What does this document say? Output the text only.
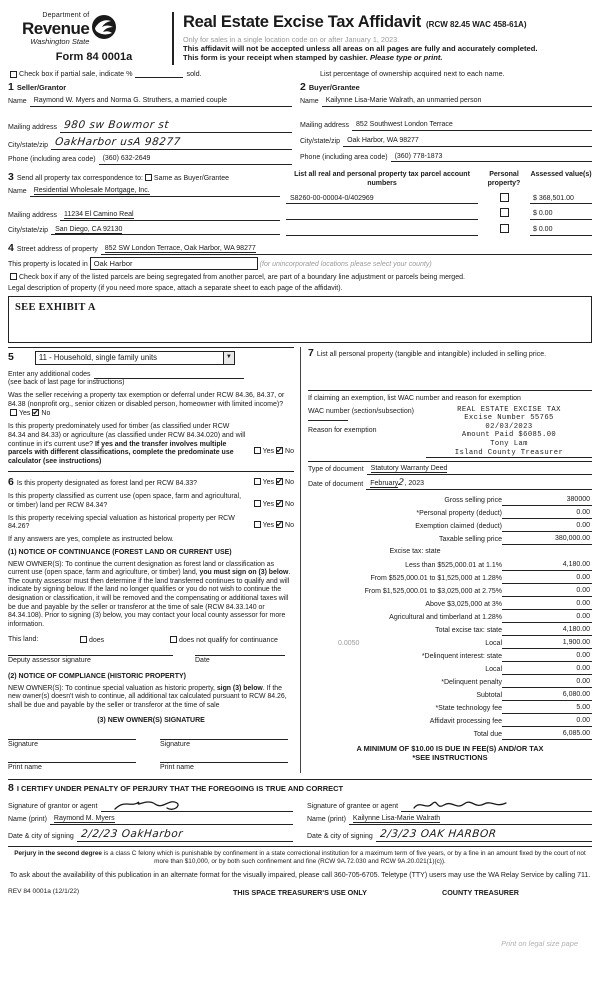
Department of
Revenue
Washington State
Form 84 0001a
Real Estate Excise Tax Affidavit (RCW 82.45 WAC 458-61A)
Only for sales in a single location code on or after January 1, 2023.
This affidavit will not be accepted unless all areas on all pages are fully and accurately completed.
This form is your receipt when stamped by cashier. Please type or print.
Check box if partial sale, indicate %	sold.	List percentage of ownership acquired next to each name.
1 Seller/Grantor
Name	Raymond W. Myers and Norma G. Struthers, a married couple
Mailing address 980 sw Bowmor st
City/state/zip OakHarbor usA 98277
Phone (including area code)	(360) 632-2649
2 Buyer/Grantee
Name	Kailynne Lisa-Marie Walrath, an unmarried person
Mailing address	852 Southwest London Terrace
City/state/zip	Oak Harbor, WA 98277
Phone (including area code)	(360) 778-1873
3 Send all property tax correspondence to: Same as Buyer/Grantee
Name	Residential Wholesale Mortgage, Inc.
Mailing address	11234 El Camino Real
City/state/zip	San Diego, CA 92130
List all real and personal property tax parcel account numbers
Personal property?
Assessed value(s)
S8260-00-00004-0/402969	$ 368,501.00

$ 0.00

$ 0.00
4 Street address of property	852 SW London Terrace, Oak Harbor, WA 98277
This property is located in Oak Harbor	(for unincorporated locations please select your county)
Check box if any of the listed parcels are being segregated from another parcel, are part of a boundary line adjustment or parcels being merged.
Legal description of property (if you need more space, attach a separate sheet to each page of the affidavit).
SEE EXHIBIT A
5	11 - Household, single family units	▼
Enter any additional codes
(see back of last page for instructions)
Was the seller receiving a property tax exemption or deferral under RCW 84.36, 84.37, or 84.38 (nonprofit org., senior citizen or disabled person, homeowner with limited income)? Yes ✔ No
Is this property predominately used for timber (as classified under RCW 84.34 and 84.33) or agriculture (as classified under RCW 84.34.020) and will continue in it's current use? If yes and the transfer involves multiple parcels with different classifications, complete the predominate use calculator (see instructions)
Yes ✔ No
6 Is this property designated as forest land per RCW 84.33?	Yes ✔ No
Is this property classified as current use (open space, farm and agricultural, or timber) land per RCW 84.34?	Yes ✔ No
Is this property receiving special valuation as historical property per RCW 84.26?	Yes ✔ No
If any answers are yes, complete as instructed below.
(1) NOTICE OF CONTINUANCE (FOREST LAND OR CURRENT USE)
NEW OWNER(S): To continue the current designation as forest land or classification as current use (open space, farm and agriculture, or timber) land, you must sign on (3) below. The county assessor must then determine if the land transferred continues to qualify and will indicate by signing below. If the land no longer qualifies or you do not wish to continue the designation or classification, it will be removed and the compensating or additional taxes will be due and payable by the seller or transferor at the time of sale (RCW 84.33.140 or 84.34.108). Prior to signing (3) below, you may contact your local county assessor for more information.
This land:	does	does not qualify for continuance
Deputy assessor signature	Date
(2) NOTICE OF COMPLIANCE (HISTORIC PROPERTY)
NEW OWNER(S): To continue special valuation as historic property, sign (3) below. If the new owner(s) doesn't wish to continue, all additional tax calculated pursuant to RCW 84.26, shall be due and payable by the seller or transferor at the time of sale
(3) NEW OWNER(S) SIGNATURE
Signature	Signature
Print name	Print name
7 List all personal property (tangible and intangible) included in selling price.
If claiming an exemption, list WAC number and reason for exemption
WAC number (section/subsection)
Reason for exemption
REAL ESTATE EXCISE TAX
Excise Number 55765
02/03/2023
Amount Paid $6085.00
Tony Lam
Island County Treasurer
Type of document	Statutory Warranty Deed
Date of document	February2, 2023
Gross selling price	380000
*Personal property (deduct)	0.00
Exemption claimed (deduct)	0.00
Taxable selling price	380,000.00
Excise tax: state
Less than $525,000.01 at 1.1%	4,180.00
From $525,000.01 to $1,525,000 at 1.28%	0.00
From $1,525,000.01 to $3,025,000 at 2.75%	0.00
Above $3,025,000 at 3%	0.00
Agricultural and timberland at 1.28%	0.00
Total excise tax: state	4,180.00
0.0050	Local	1,900.00
*Delinquent interest: state	0.00
Local	0.00
*Delinquent penalty	0.00
Subtotal	6,080.00
*State technology fee	5.00
Affidavit processing fee	0.00
Total due	6,085.00
A MINIMUM OF $10.00 IS DUE IN FEE(S) AND/OR TAX
*SEE INSTRUCTIONS
8 I CERTIFY UNDER PENALTY OF PERJURY THAT THE FOREGOING IS TRUE AND CORRECT
Signature of grantor or agent
Name (print)	Raymond M. Myers
Date & city of signing 2/2/23 OakHarbor
Signature of grantee or agent
Name (print)	Kailynne Lisa-Marie Walrath
Date & city of signing 2/3/23 OAK HARBOR
Perjury in the second degree is a class C felony which is punishable by confinement in a state correctional institution for a maximum term of five years, or by a fine in an amount fixed by the court of not more than $10,000, or by both such confinement and fine (RCW 9A.72.030 and RCW 9A.20.021(1)(c)).
To ask about the availability of this publication in an alternate format for the visually impaired, please call 360-705-6705. Teletype (TTY) users may use the WA Relay Service by calling 711.
REV 84 0001a (12/1/22)	THIS SPACE TREASURER'S USE ONLY	COUNTY TREASURER
Print on legal size pape
